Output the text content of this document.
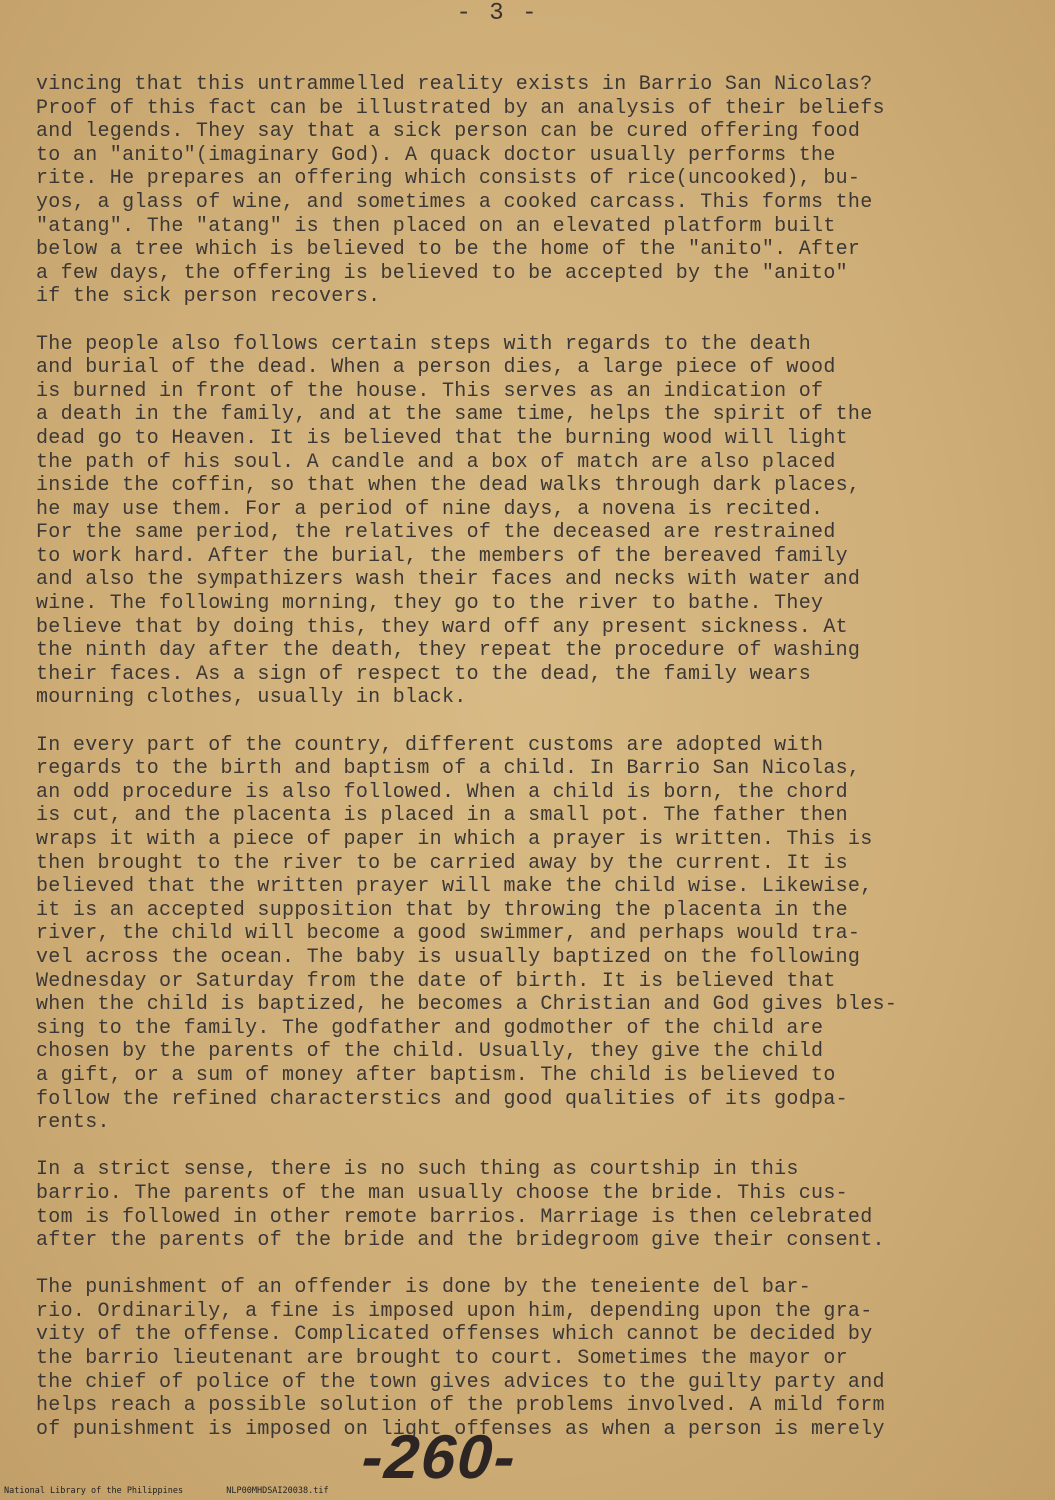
- 3 -
vincing that this untrammelled reality exists in Barrio San Nicolas?
Proof of this fact can be illustrated by an analysis of their beliefs
and legends. They say that a sick person can be cured offering food
to an "anito"(imaginary God). A quack doctor usually performs the
rite. He prepares an offering which consists of rice(uncooked), bu-
yos, a glass of wine, and sometimes a cooked carcass. This forms the
"atang". The "atang" is then placed on an elevated platform built
below a tree which is believed to be the home of the "anito". After
a few days, the offering is believed to be accepted by the "anito"
if the sick person recovers.
The people also follows certain steps with regards to the death
and burial of the dead. When a person dies, a large piece of wood
is burned in front of the house. This serves as an indication of
a death in the family, and at the same time, helps the spirit of the
dead go to Heaven. It is believed that the burning wood will light
the path of his soul. A candle and a box of match are also placed
inside the coffin, so that when the dead walks through dark places,
he may use them. For a period of nine days, a novena is recited.
For the same period, the relatives of the deceased are restrained
to work hard. After the burial, the members of the bereaved family
and also the sympathizers wash their faces and necks with water and
wine. The following morning, they go to the river to bathe. They
believe that by doing this, they ward off any present sickness. At
the ninth day after the death, they repeat the procedure of washing
their faces. As a sign of respect to the dead, the family wears
mourning clothes, usually in black.
In every part of the country, different customs are adopted with
regards to the birth and baptism of a child. In Barrio San Nicolas,
an odd procedure is also followed. When a child is born, the chord
is cut, and the placenta is placed in a small pot. The father then
wraps it with a piece of paper in which a prayer is written. This is
then brought to the river to be carried away by the current. It is
believed that the written prayer will make the child wise. Likewise,
it is an accepted supposition that by throwing the placenta in the
river, the child will become a good swimmer, and perhaps would tra-
vel across the ocean. The baby is usually baptized on the following
Wednesday or Saturday from the date of birth. It is believed that
when the child is baptized, he becomes a Christian and God gives bles-
sing to the family. The godfather and godmother of the child are
chosen by the parents of the child. Usually, they give the child
a gift, or a sum of money after baptism. The child is believed to
follow the refined characterstics and good qualities of its godpa-
rents.
In a strict sense, there is no such thing as courtship in this
barrio. The parents of the man usually choose the bride. This cus-
tom is followed in other remote barrios. Marriage is then celebrated
after the parents of the bride and the bridegroom give their consent.
The punishment of an offender is done by the teneiente del bar-
rio. Ordinarily, a fine is imposed upon him, depending upon the gra-
vity of the offense. Complicated offenses which cannot be decided by
the barrio lieutenant are brought to court. Sometimes the mayor or
the chief of police of the town gives advices to the guilty party and
helps reach a possible solution of the problems involved. A mild form
of punishment is imposed on light offenses as when a person is merely
-260-
National Library of the Philippines	NLP00MHDSAI20038.tif
